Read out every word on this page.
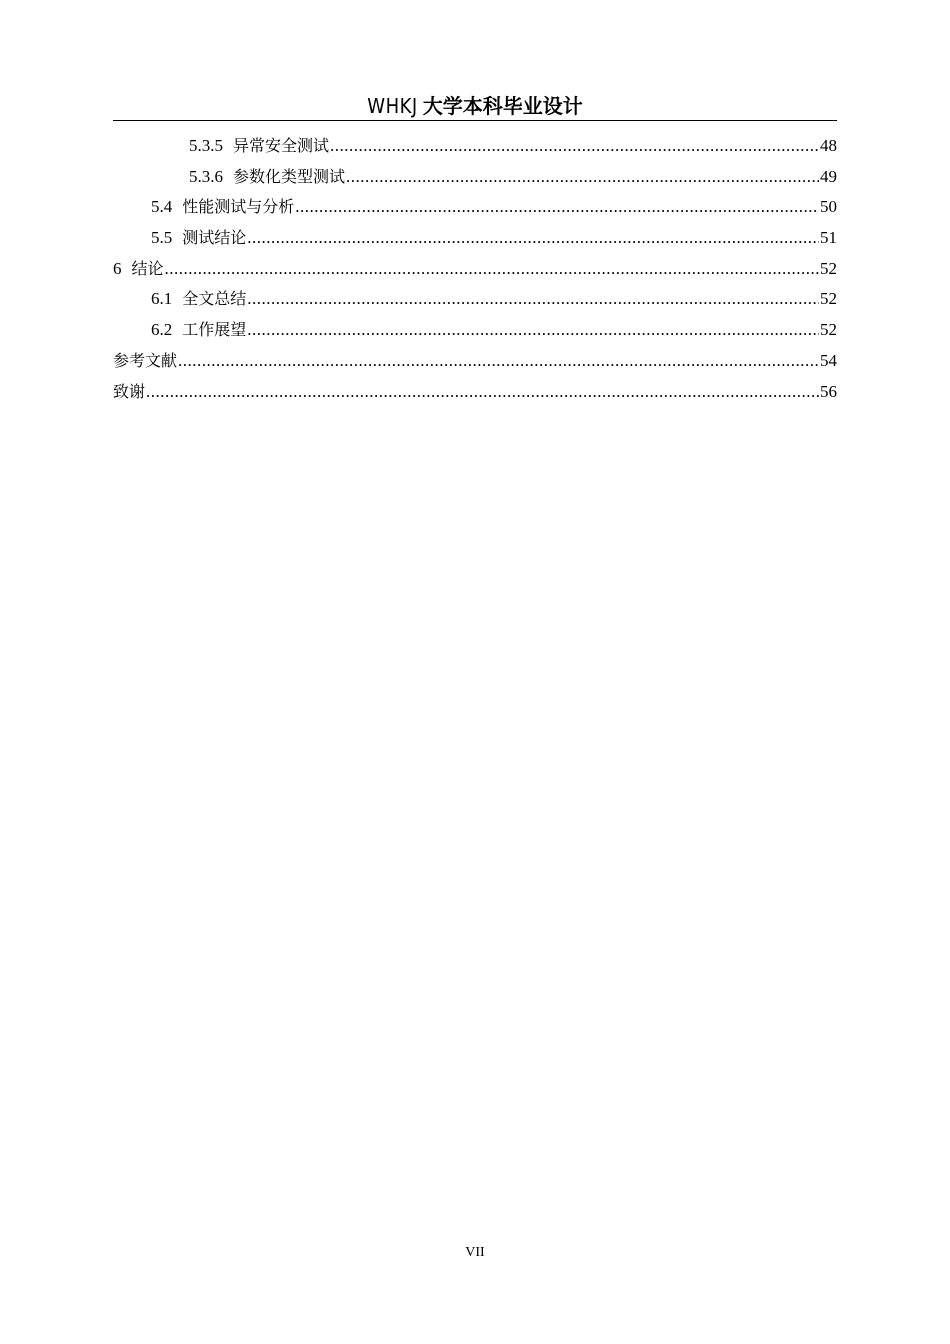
WHKJ 大学本科毕业设计
5.3.5 异常安全测试 .....	48
5.3.6 参数化类型测试 .....	49
5.4 性能测试与分析 .....	50
5.5 测试结论 .....	51
6 结论 .....	52
6.1 全文总结 .....	52
6.2 工作展望 .....	52
参考文献 .....	54
致谢 .....	56
VII
